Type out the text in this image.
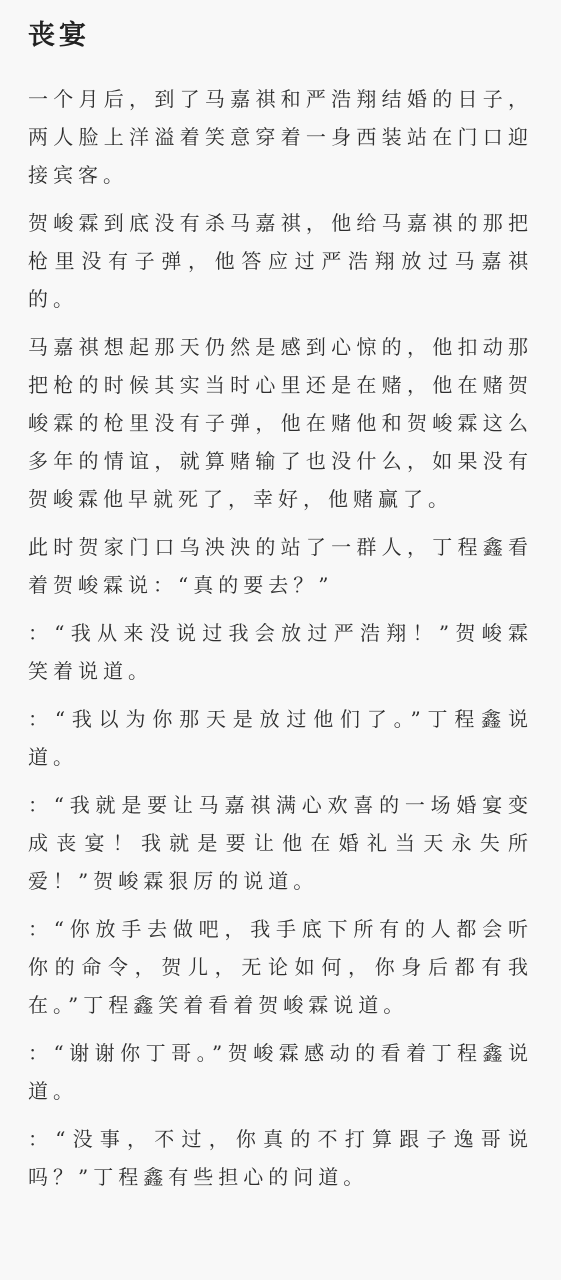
丧宴

一个月后，到了马嘉祺和严浩翔结婚的日子，两人脸上洋溢着笑意穿着一身西装站在门口迎接宾客。

贺峻霖到底没有杀马嘉祺，他给马嘉祺的那把枪里没有子弹，他答应过严浩翔放过马嘉祺的。

马嘉祺想起那天仍然是感到心惊的，他扣动那把枪的时候其实当时心里还是在赌，他在赌贺峻霖的枪里没有子弹，他在赌他和贺峻霖这么多年的情谊，就算赌输了也没什么，如果没有贺峻霖他早就死了，幸好，他赌赢了。

此时贺家门口乌泱泱的站了一群人，丁程鑫看着贺峻霖说：“真的要去？”

：“我从来没说过我会放过严浩翔！”贺峻霖笑着说道。

：“我以为你那天是放过他们了。”丁程鑫说道。

：“我就是要让马嘉祺满心欢喜的一场婚宴变成丧宴！我就是要让他在婚礼当天永失所爱！”贺峻霖狠厉的说道。

：“你放手去做吧，我手底下所有的人都会听你的命令，贺儿，无论如何，你身后都有我在。”丁程鑫笑着看着贺峻霖说道。

：“谢谢你丁哥。”贺峻霖感动的看着丁程鑫说道。

：“没事，不过，你真的不打算跟子逸哥说吗？”丁程鑫有些担心的问道。
